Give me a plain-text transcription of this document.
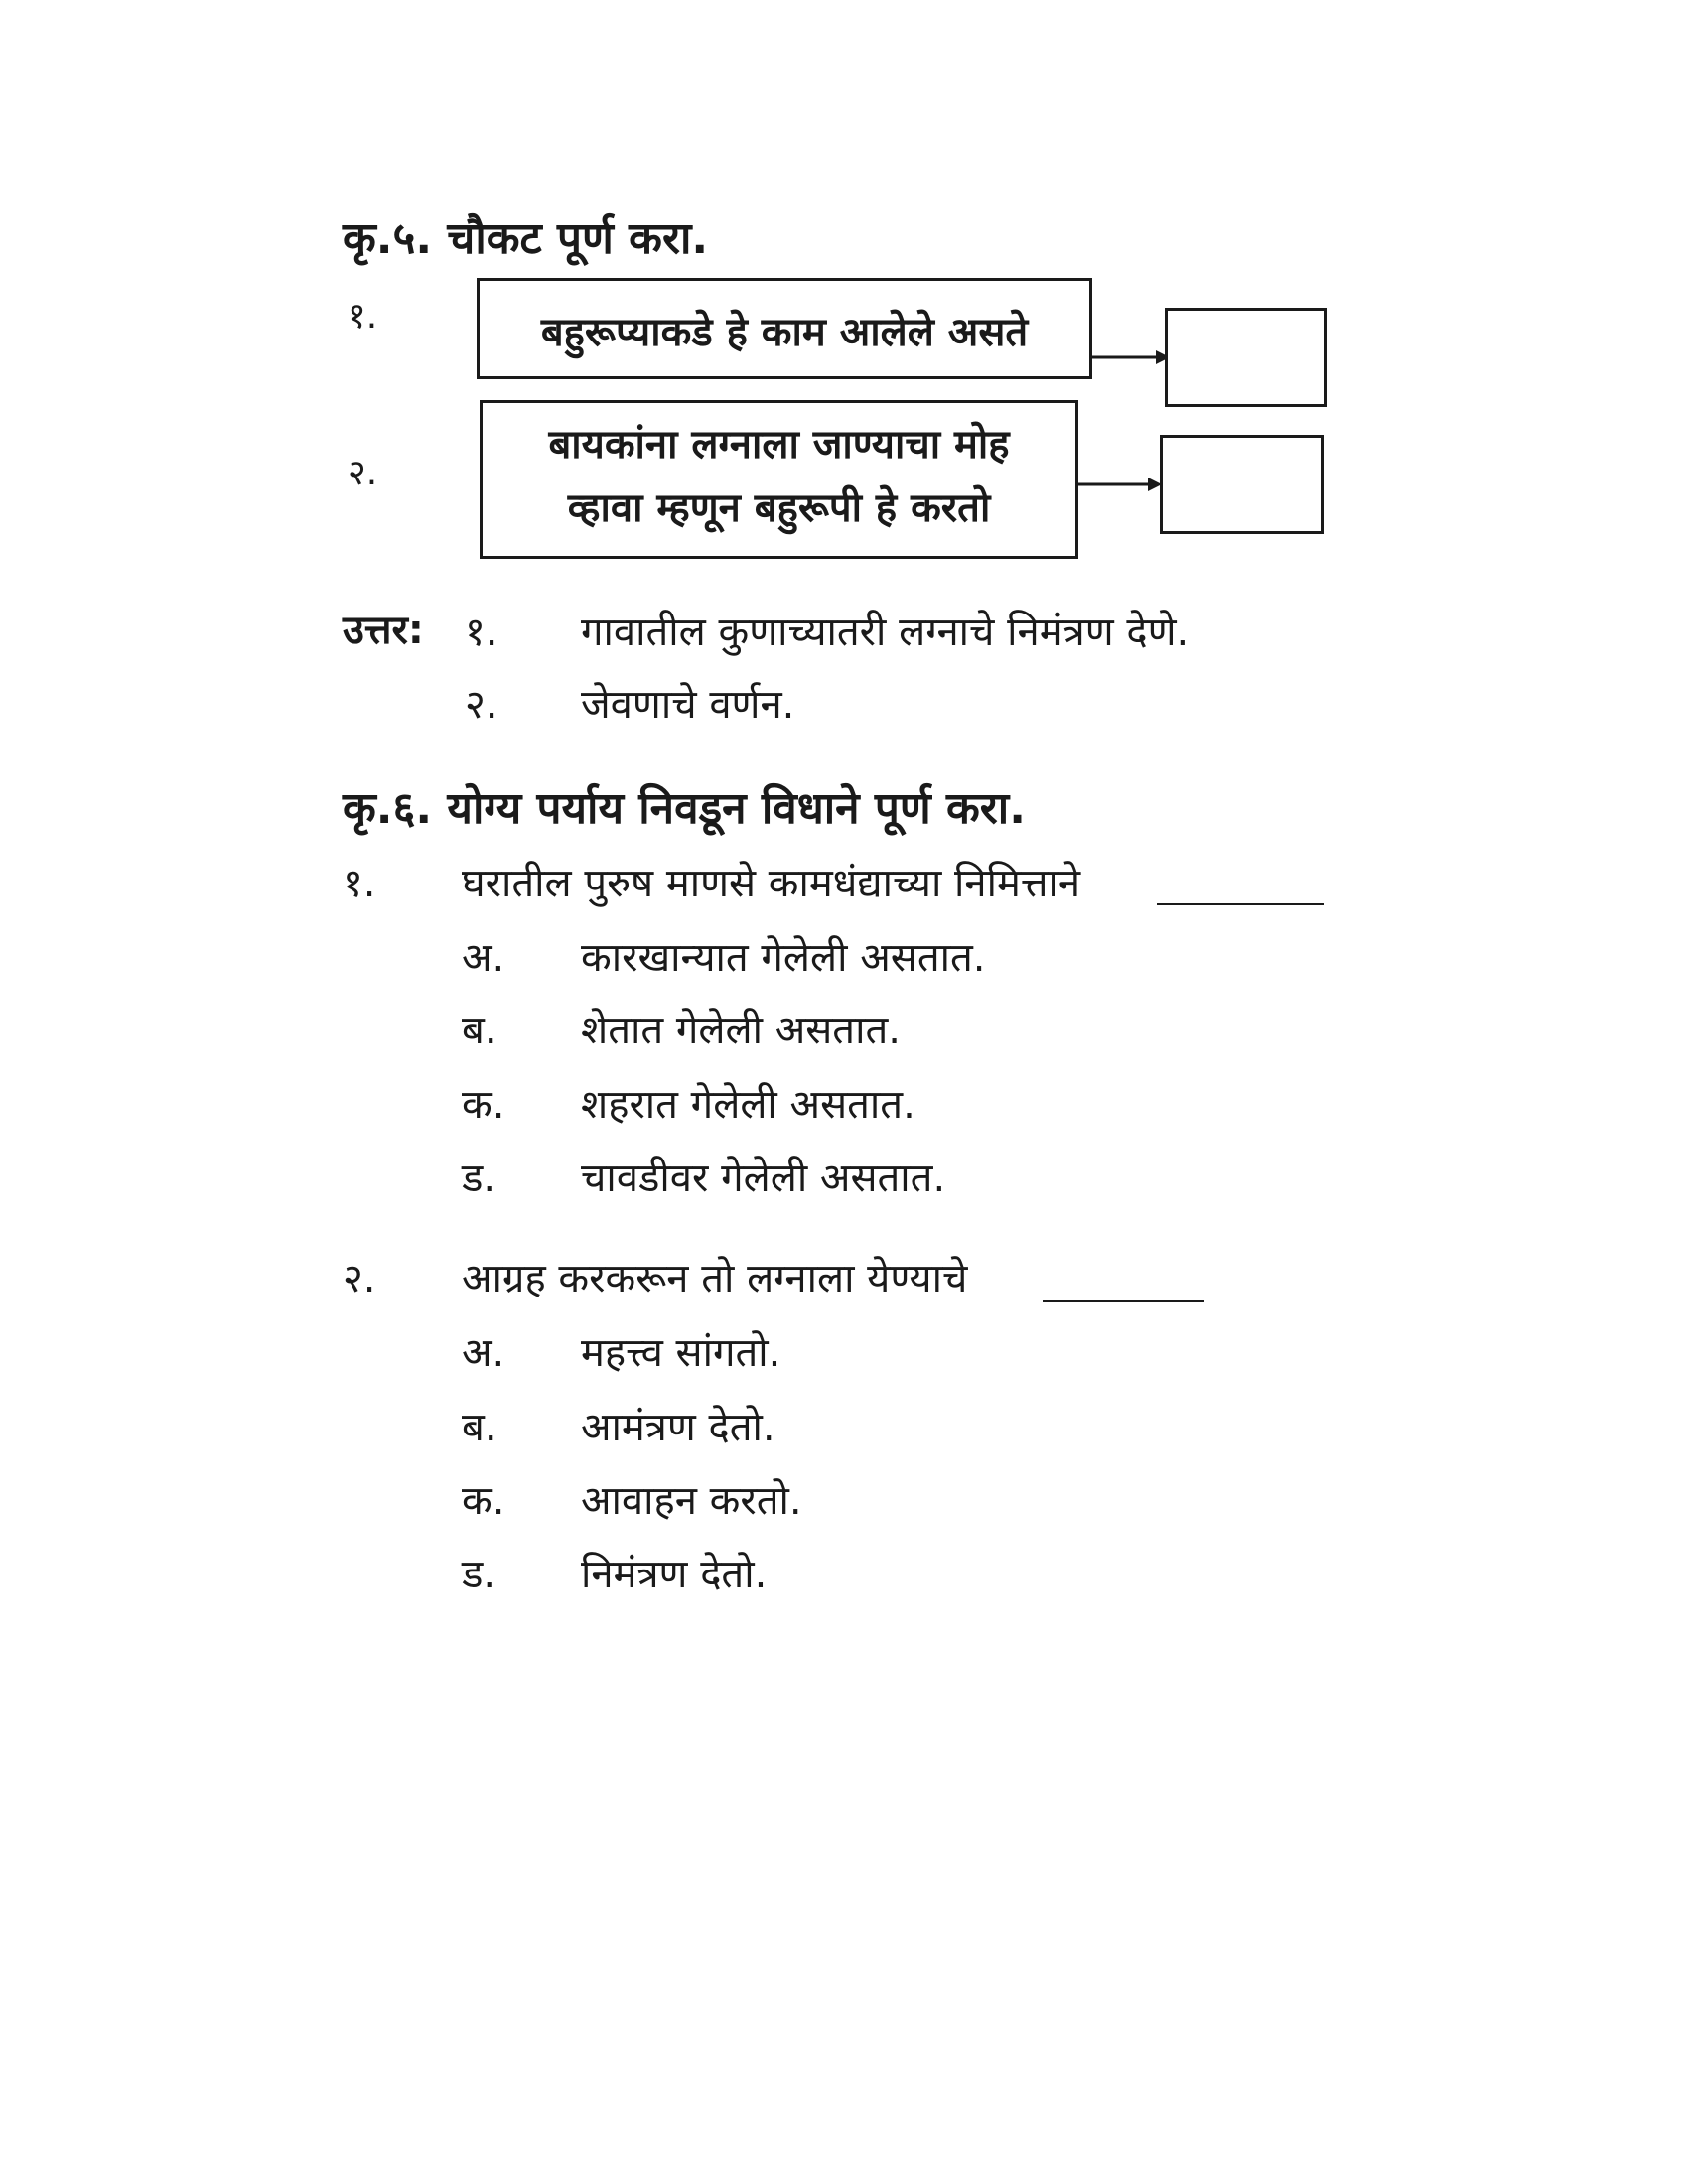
कृ.५. चौकट पूर्ण करा.
१.	बहुरूप्याकडे हे काम आलेले असते
२.
बायकांना लग्नाला जाण्याचा मोह
व्हावा म्हणून बहुरूपी हे करतो
उत्तर: १. गावातील कुणाच्यातरी लग्नाचे निमंत्रण देणे.
२. जेवणाचे वर्णन.
कृ.६. योग्य पर्याय निवडून विधाने पूर्ण करा.
१. घरातील पुरुष माणसे कामधंद्याच्या निमित्ताने
अ. कारखान्यात गेलेली असतात.
ब. शेतात गेलेली असतात.
क. शहरात गेलेली असतात.
ड. चावडीवर गेलेली असतात.
२. आग्रह करकरून तो लग्नाला येण्याचे
अ. महत्त्व सांगतो.
ब. आमंत्रण देतो.
क. आवाहन करतो.
ड. निमंत्रण देतो.
